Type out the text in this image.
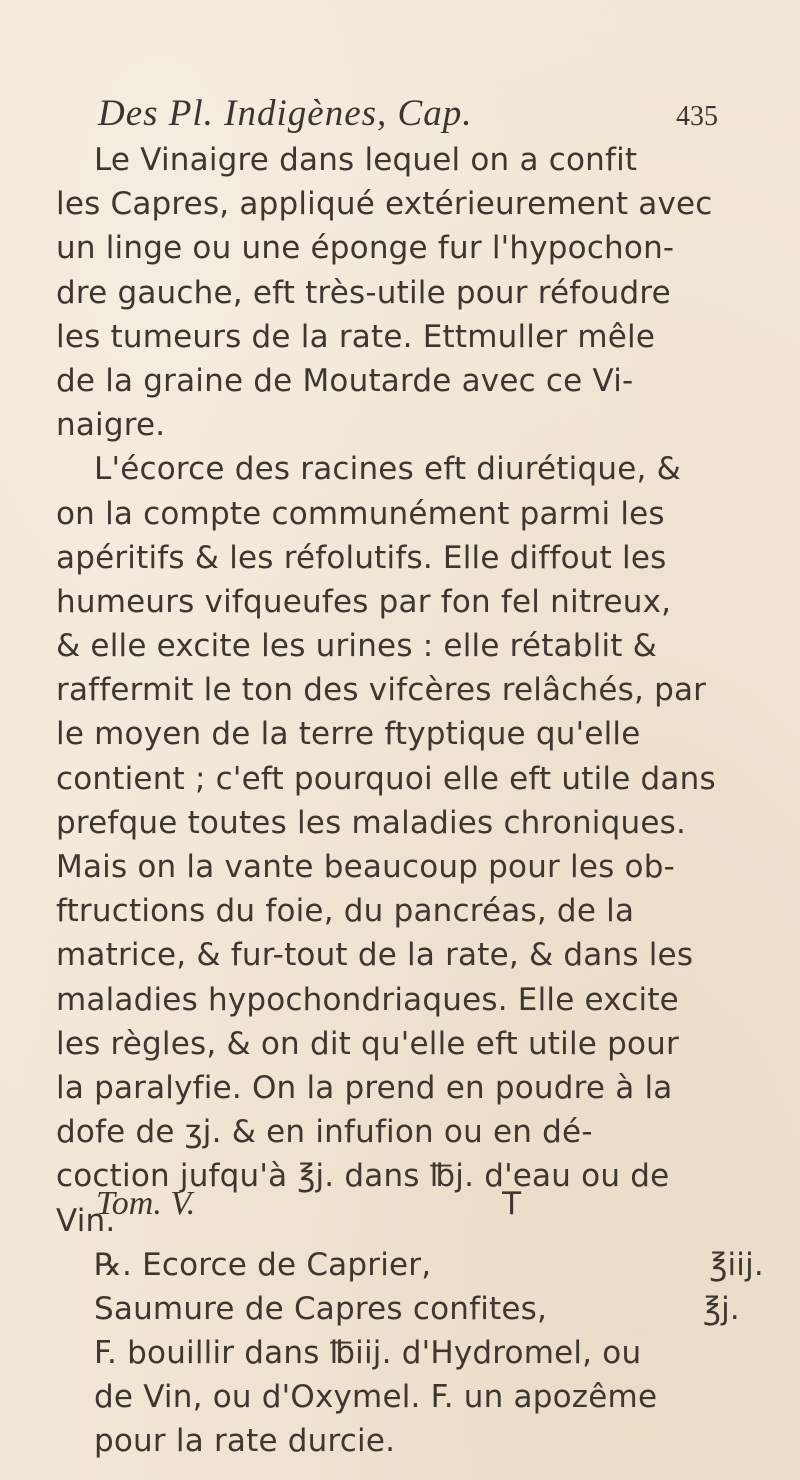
Des Pl. Indigènes, Cap.	435
Le Vinaigre dans lequel on a confit
les Capres, appliqué extérieurement avec
un linge ou une éponge fur l'hypochon-
dre gauche, eft très-utile pour réfoudre
les tumeurs de la rate. Ettmuller mêle
de la graine de Moutarde avec ce Vi-
naigre.
L'écorce des racines eft diurétique, &
on la compte communément parmi les
apéritifs & les réfolutifs. Elle diffout les
humeurs vifqueufes par fon fel nitreux,
& elle excite les urines : elle rétablit &
raffermit le ton des vifcères relâchés, par
le moyen de la terre ftyptique qu'elle
contient ; c'eft pourquoi elle eft utile dans
prefque toutes les maladies chroniques.
Mais on la vante beaucoup pour les ob-
ftructions du foie, du pancréas, de la
matrice, & fur-tout de la rate, & dans les
maladies hypochondriaques. Elle excite
les règles, & on dit qu'elle eft utile pour
la paralyfie. On la prend en poudre à la
dofe de ʒj. & en infufion ou en dé-
coction jufqu'à ℥j. dans ℔j. d'eau ou de
Vin.
℞. Ecorce de Caprier,	℥iij.
Saumure de Capres confites,	℥j.
F. bouillir dans ℔iij. d'Hydromel, ou
de Vin, ou d'Oxymel. F. un apozême
pour la rate durcie.
Tom. V.	T
